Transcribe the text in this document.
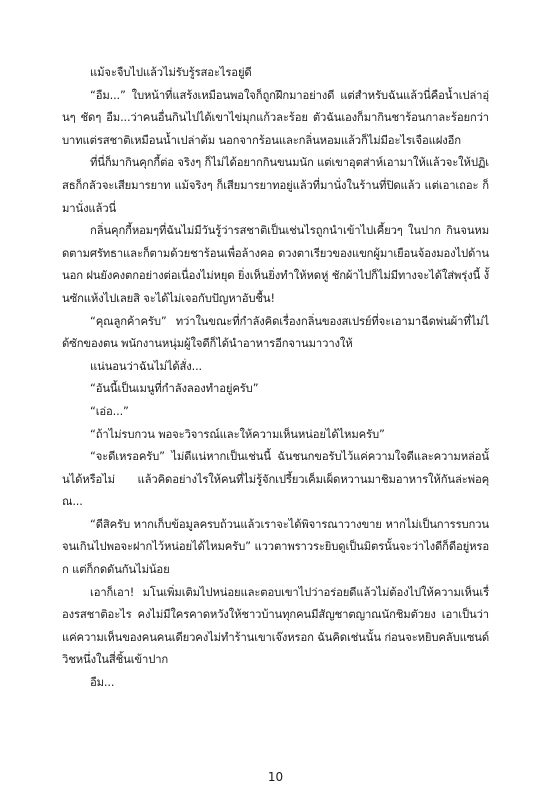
แม้จะจืบไปแล้วไม่รับรู้รสอะไรอยู่ดี

“อืม...” ใบหน้าที่แสร้งเหมือนพอใจก็ถูกฝึกมาอย่างดี แต่สำหรับฉันแล้วนี่คือน้ำเปล่าอุ่นๆ ชัดๆ อืม...ว่าคนอื่นกินไปได้เขาไข่มุกแก้วละร้อย ตัวฉันเองก็มากินชาร้อนกาละร้อยกว่าบาทแต่รสชาติเหมือนน้ำเปล่าต้ม นอกจากร้อนและกลิ่นหอมแล้วก็ไม่มีอะไรเจือแฝงอีก

ที่นี่ก็มากินคุกกี้ต่อ จริงๆ ก็ไม่ได้อยากกินขนมนัก แต่เขาอุตส่าห์เอามาให้แล้วจะให้ปฏิเสธก็กลัวจะเสียมารยาท แม้จริงๆ ก็เสียมารยาทอยู่แล้วที่มานั่งในร้านที่ปิดแล้ว แต่เอาเถอะ ก็มานั่งแล้วนี่

กลิ่นคุกกี้หอมๆที่ฉันไม่มีวันรู้ว่ารสชาติเป็นเช่นไรถูกนำเข้าไปเคี้ยวๆ ในปาก กินจนหมดตามศรัทธาและก็ตามด้วยชาร้อนเพื่อล้างคอ ดวงตาเรียวของแขกผู้มาเยือนจ้องมองไปด้านนอก ฝนยังคงตกอย่างต่อเนื่องไม่หยุด ยิ่งเห็นยิ่งทำให้หดหู่ ชักผ้าไปก็ไม่มีทางจะได้ใส่พรุ่งนี้ งั้นซักแห้งไปเลยสิ จะได้ไม่เจอกับปัญหาอับชื้น!

“คุณลูกค้าครับ” ทว่าในขณะที่กำลังคิดเรื่องกลิ่นของสเปรย์ที่จะเอามาฉีดพ่นผ้าที่ไม่ได้ซักของตน พนักงานหนุ่มผู้ใจดีก็ได้นำอาหารอีกจานมาวางให้

แน่นอนว่าฉันไม่ได้สั่ง...

“อันนี้เป็นเมนูที่กำลังลองทำอยู่ครับ”

“เอ่อ...”

“ถ้าไม่รบกวน พอจะวิจารณ์และให้ความเห็นหน่อยได้ไหมครับ”

“จะดีเหรอครับ” ไม่ดีแน่หากเป็นเช่นนี้ ฉันชนกขอรับไว้แค่ความใจดีและความหล่อนั้นได้หรือไม่ แล้วคิดอย่างไรให้คนที่ไม่รู้จักเปรี้ยวเค็มเผ็ดหวานมาชิมอาหารให้กันล่ะพ่อคุณ...

“ดีสิครับ หากเก็บข้อมูลครบถ้วนแล้วเราจะได้พิจารณาวางขาย หากไม่เป็นการรบกวนจนเกินไปพอจะฝากไว้หน่อยได้ไหมครับ” แววตาพราวระยิบดูเป็นมิตรนั้นจะว่าไงดีก็ดีอยู่หรอก แต่ก็กดดันกันไม่น้อย

เอาก็เอา! มโนเพิ่มเติมไปหน่อยและตอบเขาไปว่าอร่อยดีแล้วไม่ต้องไปให้ความเห็นเรื่องรสชาติอะไร คงไม่มีใครคาดหวังให้ชาวบ้านทุกคนมีสัญชาตญาณนักชิมตัวยง เอาเป็นว่าแค่ความเห็นของคนคนเดียวคงไม่ทำร้านเขาเจ๊งหรอก ฉันคิดเช่นนั้น ก่อนจะหยิบคลับแซนด์วิชหนึ่งในสี่ชิ้นเข้าปาก

อืม...

10
